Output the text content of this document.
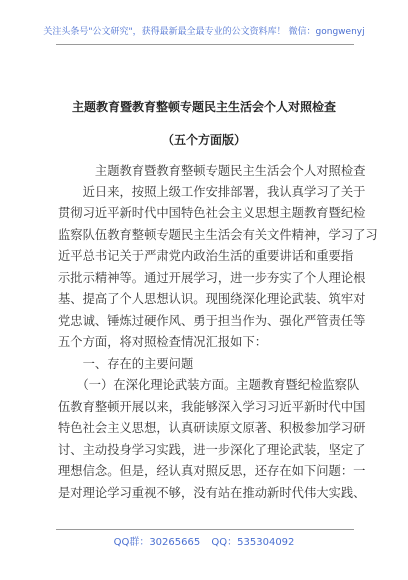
关注头条号"公文研究"，获得最新最全最专业的公文资料库！ 微信：gongwenyj
主题教育暨教育整顿专题民主生活会个人对照检查
（五个方面版）
　　　主题教育暨教育整顿专题民主生活会个人对照检查
　　近日来，按照上级工作安排部署，我认真学习了关于
贯彻习近平新时代中国特色社会主义思想主题教育暨纪检
监察队伍教育整顿专题民主生活会有关文件精神，学习了习
近平总书记关于严肃党内政治生活的重要讲话和重要指
示批示精神等。通过开展学习，进一步夯实了个人理论根
基、提高了个人思想认识。现围绕深化理论武装、筑牢对
党忠诚、锤炼过硬作风、勇于担当作为、强化严管责任等
五个方面，将对照检查情况汇报如下：
　　一、存在的主要问题
　　（一）在深化理论武装方面。主题教育暨纪检监察队
伍教育整顿开展以来，我能够深入学习习近平新时代中国
特色社会主义思想，认真研读原文原著、积极参加学习研
讨、主动投身学习实践，进一步深化了理论武装，坚定了
理想信念。但是，经认真对照反思，还存在如下问题：一
是对理论学习重视不够，没有站在推动新时代伟大实践、
QQ群：30265665 QQ：535304092
